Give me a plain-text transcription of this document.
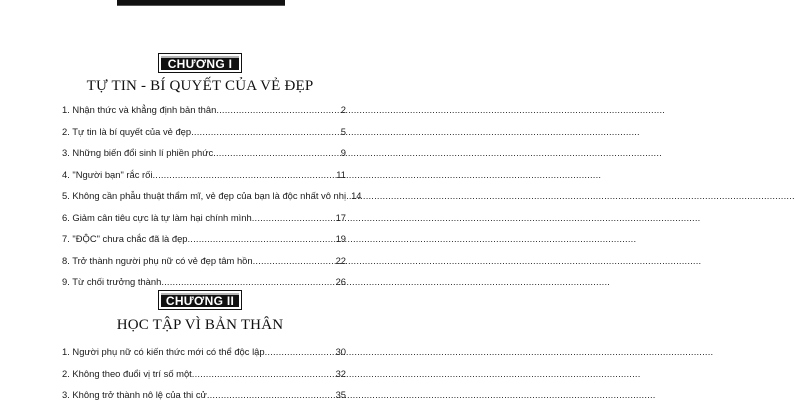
CHƯƠNG I
TỰ TIN - BÍ QUYẾT CỦA VẺ ĐẸP
1. Nhận thức và khẳng định bản thân .....	2
2. Tự tin là bí quyết của vẻ đẹp .....	5
3. Những biến đổi sinh lí phiền phức .....	9
4. "Người bạn" rắc rối .....	11
5. Không cần phẫu thuật thẩm mĩ, vẻ đẹp của bạn là độc nhất vô nhị ..... 14
6. Giảm cân tiêu cực là tự làm hại chính mình .....	17
7. "ĐỘC" chưa chắc đã là đẹp .....	19
8. Trở thành người phụ nữ có vẻ đẹp tâm hồn .....	22
9. Từ chối trưởng thành .....	26
CHƯƠNG II
HỌC TẬP VÌ BẢN THÂN
1. Người phụ nữ có kiến thức mới có thể độc lập .....	30
2. Không theo đuổi vị trí số một .....	32
3. Không trở thành nô lệ của thi cử .....	35
